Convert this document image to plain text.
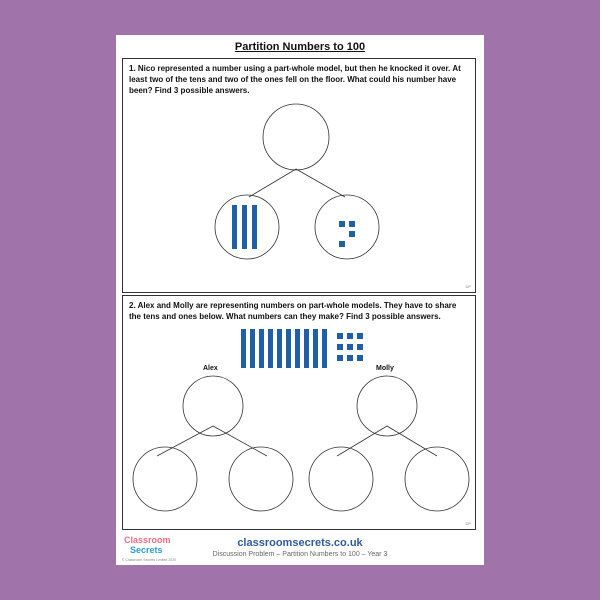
Partition Numbers to 100
1. Nico represented a number using a part-whole model, but then he knocked it over. At least two of the tens and two of the ones fell on the floor. What could his number have been? Find 3 possible answers.
DP
2. Alex and Molly are representing numbers on part-whole models. They have to share the tens and ones below. What numbers can they make? Find 3 possible answers.
Alex	Molly
DP
Classroom
Secrets
classroomsecrets.co.uk
Discussion Problem – Partition Numbers to 100 – Year 3
© Classroom Secrets Limited 2020
